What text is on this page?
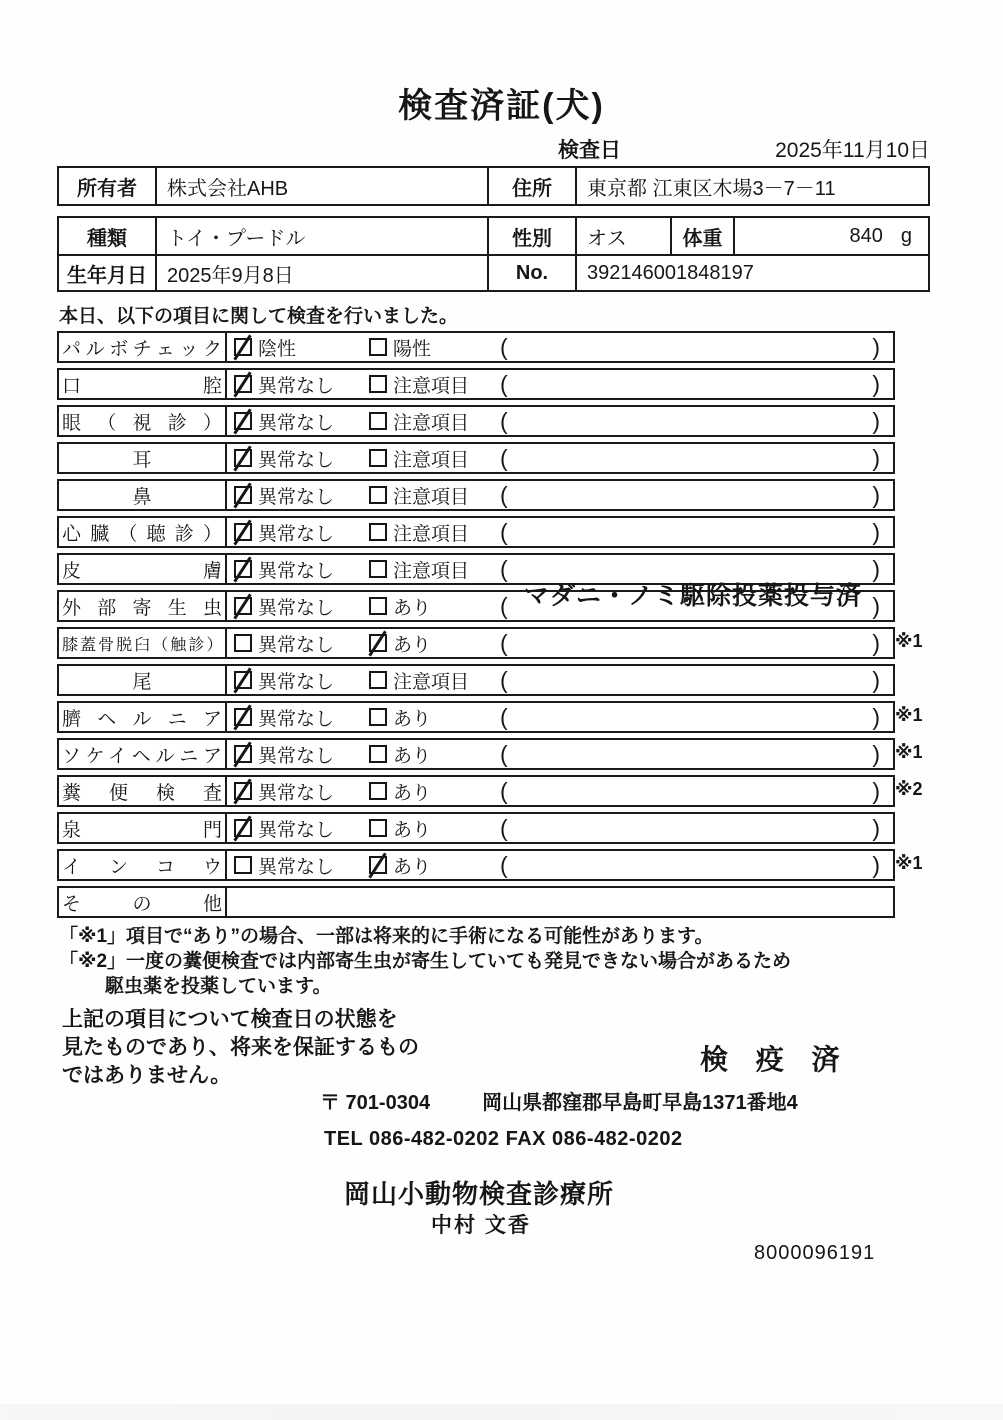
検査済証(犬)
検査日	2025年11月10日
所有者	株式会社AHB	住所	東京都 江東区木場3－7－11
種類	トイ・プードル	性別	オス	体重	840 g
生年月日	2025年9月8日	No.	392146001848197
本日、以下の項目に関して検査を行いました。
パルボチェック 陰性	陽性	(	)
口腔 異常なし	注意項目 (	)
眼（視診） 異常なし	注意項目 (	)
耳	異常なし	注意項目 (	)
鼻	異常なし	注意項目 (	)
心臓（聴診） 異常なし	注意項目 (	)
皮膚 異常なし	注意項目 (	)
外部寄生虫 異常なし	あり	(	)
膝蓋骨脱臼（触診） 異常なし	あり	(	) ※1
尾	異常なし	注意項目 (	)
臍ヘルニア 異常なし	あり	(	) ※1
ソケイヘルニア 異常なし	あり	(	) ※1
糞便検査 異常なし	あり	(	) ※2
泉門 異常なし	あり	(	)
インコウ 異常なし	あり	(	) ※1
その他
マダニ・ノミ駆除投薬投与済
「※1」項目で“あり”の場合、一部は将来的に手術になる可能性があります。
「※2」一度の糞便検査では内部寄生虫が寄生していても発見できない場合があるため
駆虫薬を投薬しています。
上記の項目について検査日の状態を
見たものであり、将来を保証するもの
ではありません。
検 疫 済
〒 701-0304	岡山県都窪郡早島町早島1371番地4
TEL 086-482-0202 FAX 086-482-0202
岡山小動物検査診療所
中村 文香
8000096191
